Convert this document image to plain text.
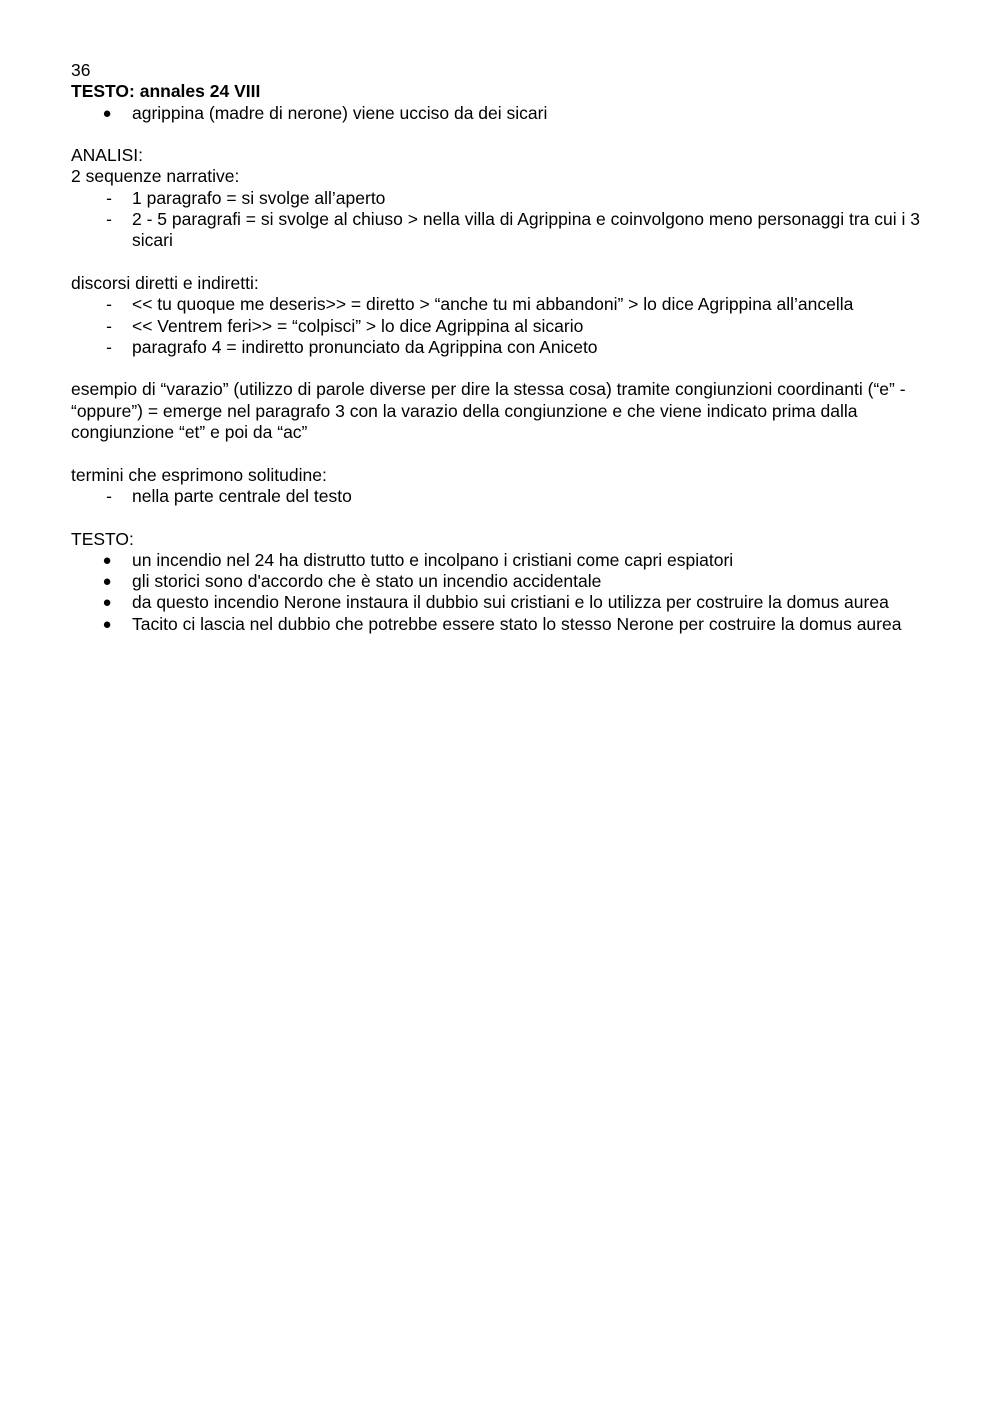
36
TESTO: annales 24 VIII
● agrippina (madre di nerone) viene ucciso da dei sicari
ANALISI:
2 sequenze narrative:
- 1 paragrafo = si svolge all’aperto
- 2 - 5 paragrafi = si svolge al chiuso > nella villa di Agrippina e coinvolgono meno personaggi tra cui i 3 sicari
discorsi diretti e indiretti:
- << tu quoque me deseris>> = diretto > “anche tu mi abbandoni” > lo dice Agrippina all’ancella
- << Ventrem feri>> = “colpisci” > lo dice Agrippina al sicario
- paragrafo 4 = indiretto pronunciato da Agrippina con Aniceto
esempio di “varazio” (utilizzo di parole diverse per dire la stessa cosa) tramite congiunzioni coordinanti (“e” - “oppure”) = emerge nel paragrafo 3 con la varazio della congiunzione e che viene indicato prima dalla congiunzione “et” e poi da “ac”
termini che esprimono solitudine:
- nella parte centrale del testo
TESTO:
● un incendio nel 24 ha distrutto tutto e incolpano i cristiani come capri espiatori
● gli storici sono d'accordo che è stato un incendio accidentale
● da questo incendio Nerone instaura il dubbio sui cristiani e lo utilizza per costruire la domus aurea
● Tacito ci lascia nel dubbio che potrebbe essere stato lo stesso Nerone per costruire la domus aurea
